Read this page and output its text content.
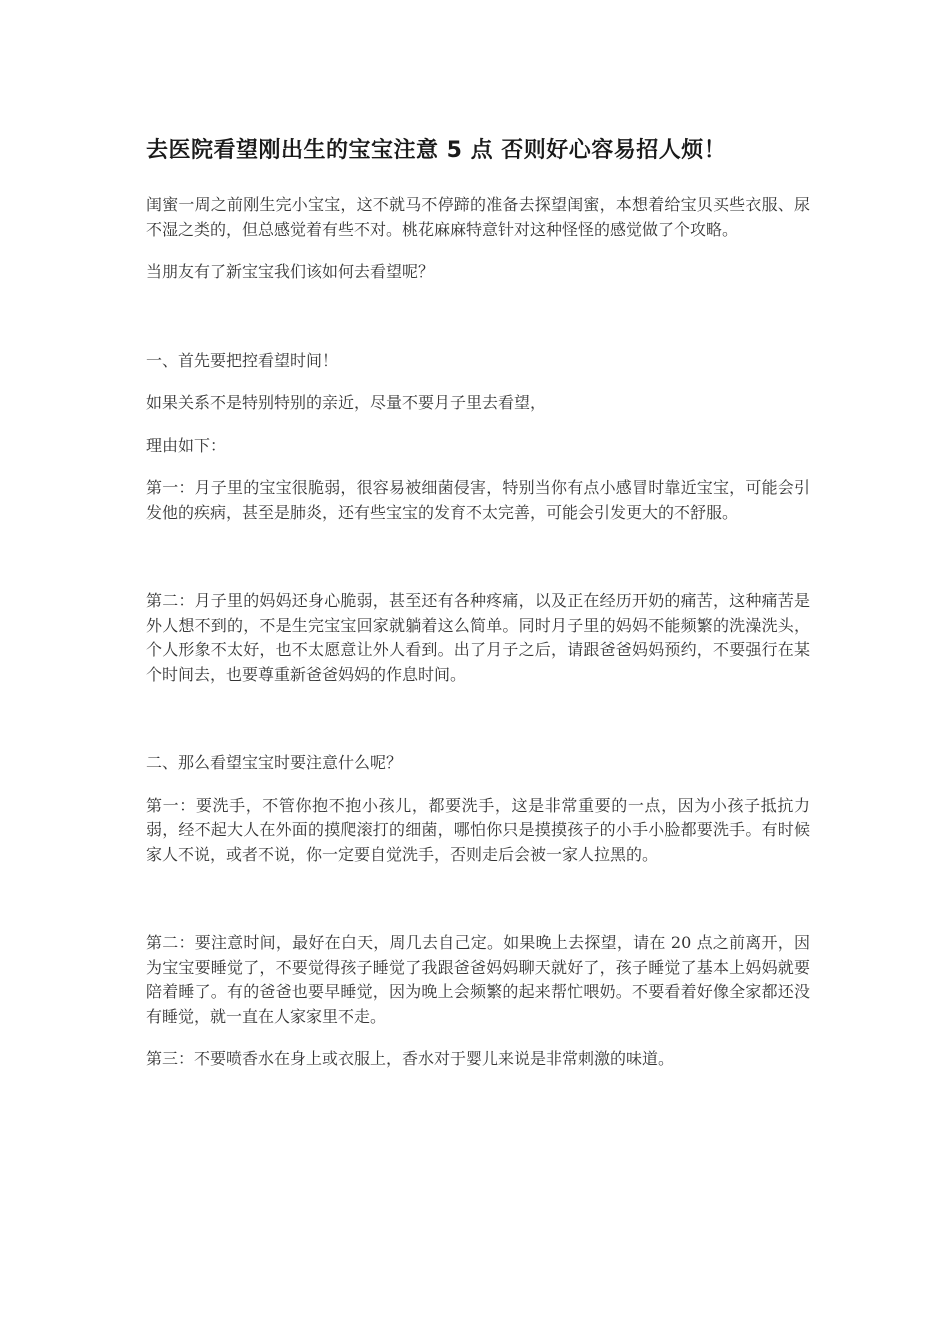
去医院看望刚出生的宝宝注意 5 点 否则好心容易招人烦！

闺蜜一周之前刚生完小宝宝，这不就马不停蹄的准备去探望闺蜜，本想着给宝贝买些衣服、尿不湿之类的，但总感觉着有些不对。桃花麻麻特意针对这种怪怪的感觉做了个攻略。

当朋友有了新宝宝我们该如何去看望呢？

一、首先要把控看望时间！

如果关系不是特别特别的亲近，尽量不要月子里去看望，

理由如下：

第一：月子里的宝宝很脆弱，很容易被细菌侵害，特别当你有点小感冒时靠近宝宝，可能会引发他的疾病，甚至是肺炎，还有些宝宝的发育不太完善，可能会引发更大的不舒服。

第二：月子里的妈妈还身心脆弱，甚至还有各种疼痛，以及正在经历开奶的痛苦，这种痛苦是外人想不到的，不是生完宝宝回家就躺着这么简单。同时月子里的妈妈不能频繁的洗澡洗头，个人形象不太好，也不太愿意让外人看到。出了月子之后，请跟爸爸妈妈预约，不要强行在某个时间去，也要尊重新爸爸妈妈的作息时间。

二、那么看望宝宝时要注意什么呢？

第一：要洗手，不管你抱不抱小孩儿，都要洗手，这是非常重要的一点，因为小孩子抵抗力弱，经不起大人在外面的摸爬滚打的细菌，哪怕你只是摸摸孩子的小手小脸都要洗手。有时候家人不说，或者不说，你一定要自觉洗手，否则走后会被一家人拉黑的。

第二：要注意时间，最好在白天，周几去自己定。如果晚上去探望，请在 20 点之前离开，因为宝宝要睡觉了，不要觉得孩子睡觉了我跟爸爸妈妈聊天就好了，孩子睡觉了基本上妈妈就要陪着睡了。有的爸爸也要早睡觉，因为晚上会频繁的起来帮忙喂奶。不要看着好像全家都还没有睡觉，就一直在人家家里不走。

第三：不要喷香水在身上或衣服上，香水对于婴儿来说是非常刺激的味道。
